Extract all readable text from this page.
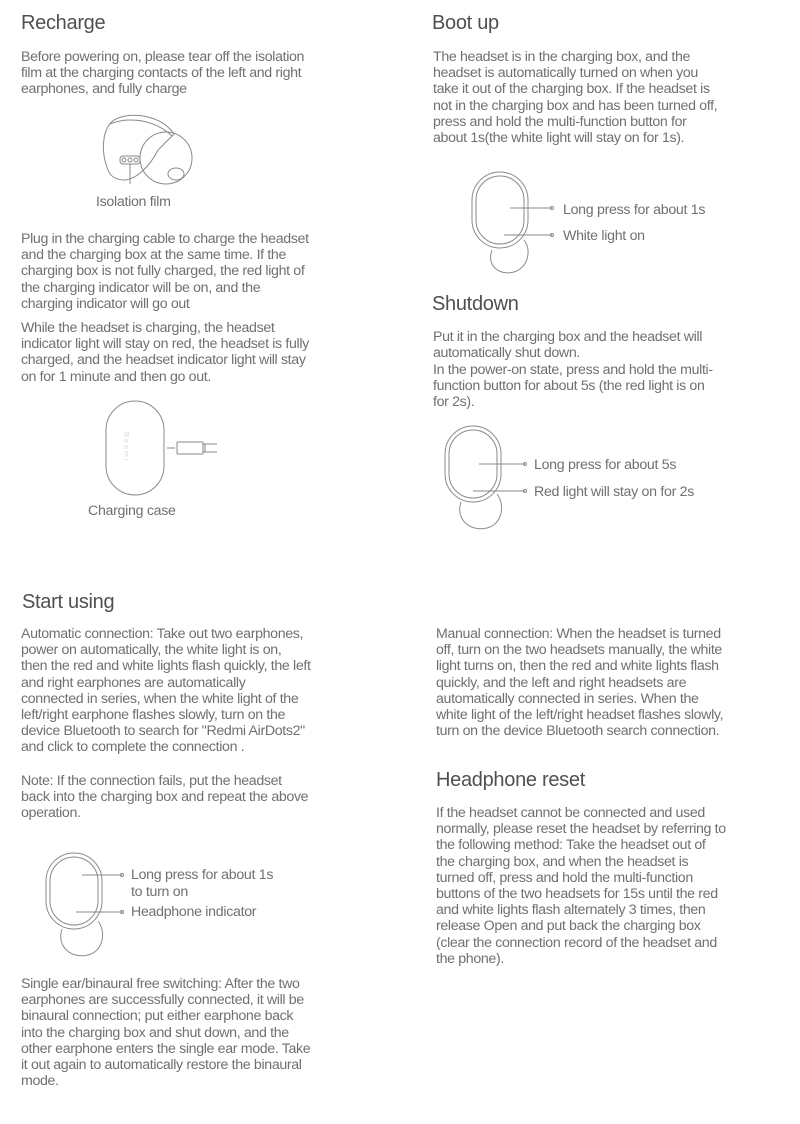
Recharge

Before powering on, please tear off the isolation film at the charging contacts of the left and right earphones, and fully charge

Isolation film

Plug in the charging cable to charge the headset and the charging box at the same time. If the charging box is not fully charged, the red light of the charging indicator will be on, and the charging indicator will go out

While the headset is charging, the headset indicator light will stay on red, the headset is fully charged, and the headset indicator light will stay on for 1 minute and then go out.

Redmi
Charging case
Boot up

The headset is in the charging box, and the headset is automatically turned on when you take it out of the charging box. If the headset is not in the charging box and has been turned off, press and hold the multi-function button for about 1s(the white light will stay on for 1s).

Long press for about 1s
White light on
Shutdown

Put it in the charging box and the headset will automatically shut down.

In the power-on state, press and hold the multi-function button for about 5s (the red light is on for 2s).

Long press for about 5s
Red light will stay on for 2s
Start using

Automatic connection: Take out two earphones, power on automatically, the white light is on, then the red and white lights flash quickly, the left and right earphones are automatically connected in series, when the white light of the left/right earphone flashes slowly, turn on the device Bluetooth to search for "Redmi AirDots2" and click to complete the connection .

Note: If the connection fails, put the headset back into the charging box and repeat the above operation.

Long press for about 1s to turn on
Headphone indicator

Single ear/binaural free switching: After the two earphones are successfully connected, it will be binaural connection; put either earphone back into the charging box and shut down, and the other earphone enters the single ear mode. Take it out again to automatically restore the binaural mode.

Manual connection: When the headset is turned off, turn on the two headsets manually, the white light turns on, then the red and white lights flash quickly, and the left and right headsets are automatically connected in series. When the white light of the left/right headset flashes slowly, turn on the device Bluetooth search connection.

Headphone reset

If the headset cannot be connected and used normally, please reset the headset by referring to the following method: Take the headset out of the charging box, and when the headset is turned off, press and hold the multi-function buttons of the two headsets for 15s until the red and white lights flash alternately 3 times, then release Open and put back the charging box (clear the connection record of the headset and the phone).
